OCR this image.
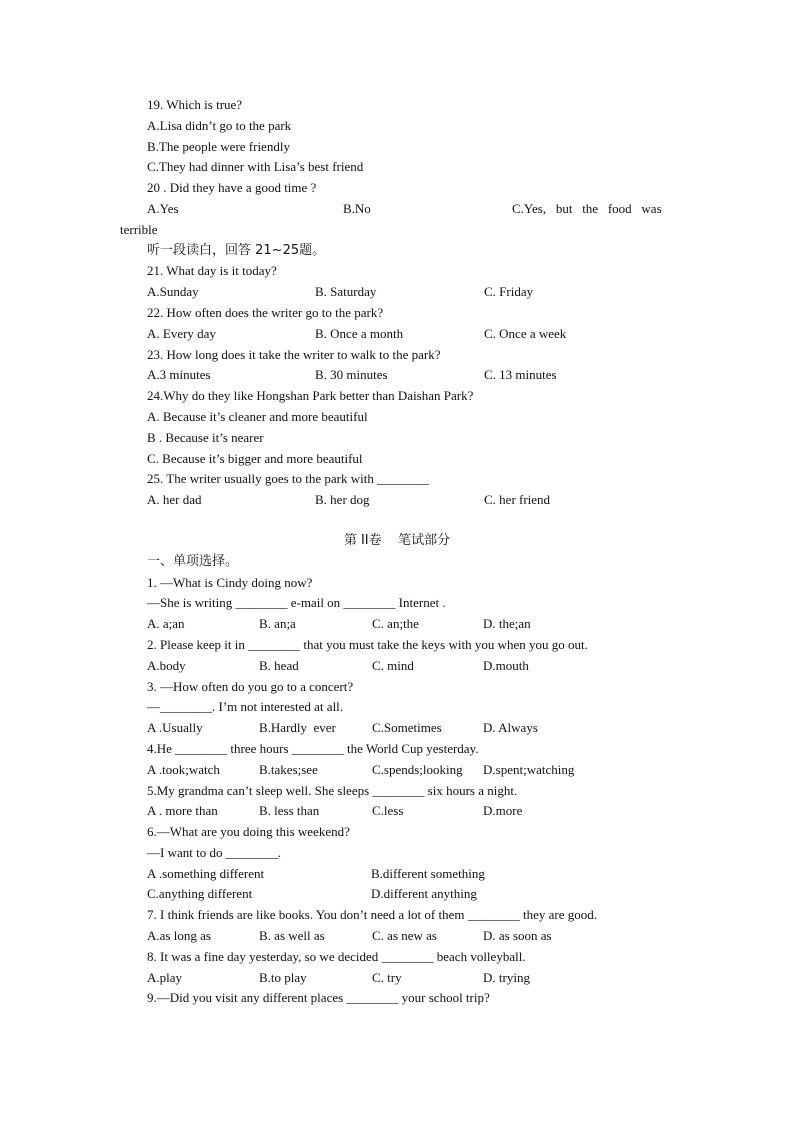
19. Which is true?
A.Lisa didn’t go to the park
B.The people were friendly
C.They had dinner with Lisa’s best friend
20 . Did they have a good time ?

A.Yes

	B.No

	C.Yes,   but   the   food   was

terrible
听一段读白，回答 21~25题。
21. What day is it today?

A.Sunday

	B. Saturday

	C. Friday

22. How often does the writer go to the park?

A. Every day

	B. Once a month

	C. Once a week

23. How long does it take the writer to walk to the park?

A.3 minutes

	B. 30 minutes

	C. 13 minutes

24.Why do they like Hongshan Park better than Daishan Park?
A. Because it’s cleaner and more beautiful
B . Because it’s nearer
C. Because it’s bigger and more beautiful
25. The writer usually goes to the park with ________

A. her dad

	B. her dog

	C. her friend

第 II卷    笔试部分
一、单项选择。
1. —What is Cindy doing now?
—She is writing ________ e-mail on ________ Internet .

A. a;an

	B. an;a

	C. an;the

	D. the;an

2. Please keep it in ________ that you must take the keys with you when you go out.

A.body

	B. head

	C. mind

	D.mouth

3. —How often do you go to a concert?
—________. I’m not interested at all.

A .Usually

	B.Hardly  ever

	C.Sometimes

	D. Always

4.He ________ three hours ________ the World Cup yesterday.

A .took;watch

	B.takes;see

	C.spends;looking

D.spent;watching

5.My grandma can’t sleep well. She sleeps ________ six hours a night.

A . more than

	B. less than

	C.less

	D.more

6.—What are you doing this weekend?
—I want to do ________.

A .something different

	B.different something

C.anything different

	D.different anything

7. I think friends are like books. You don’t need a lot of them ________ they are good.

A.as long as

	B. as well as

	C. as new as

	D. as soon as

8. It was a fine day yesterday, so we decided ________ beach volleyball.

A.play

	B.to play

	C. try

	D. trying

9.—Did you visit any different places ________ your school trip?
